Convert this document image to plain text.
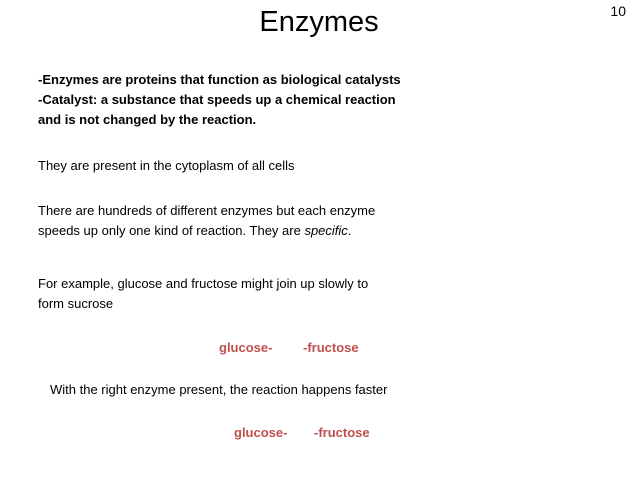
Enzymes	10
-Enzymes are proteins that function as biological catalysts
-Catalyst: a substance that speeds up a chemical reaction
and is not changed by the reaction.
They are present in the cytoplasm of all cells
There are hundreds of different enzymes but each enzyme
speeds up only one kind of reaction. They are specific.
For example, glucose and fructose might join up slowly to
form sucrose
glucose- -fructose
With the right enzyme present, the reaction happens faster
glucose- -fructose
